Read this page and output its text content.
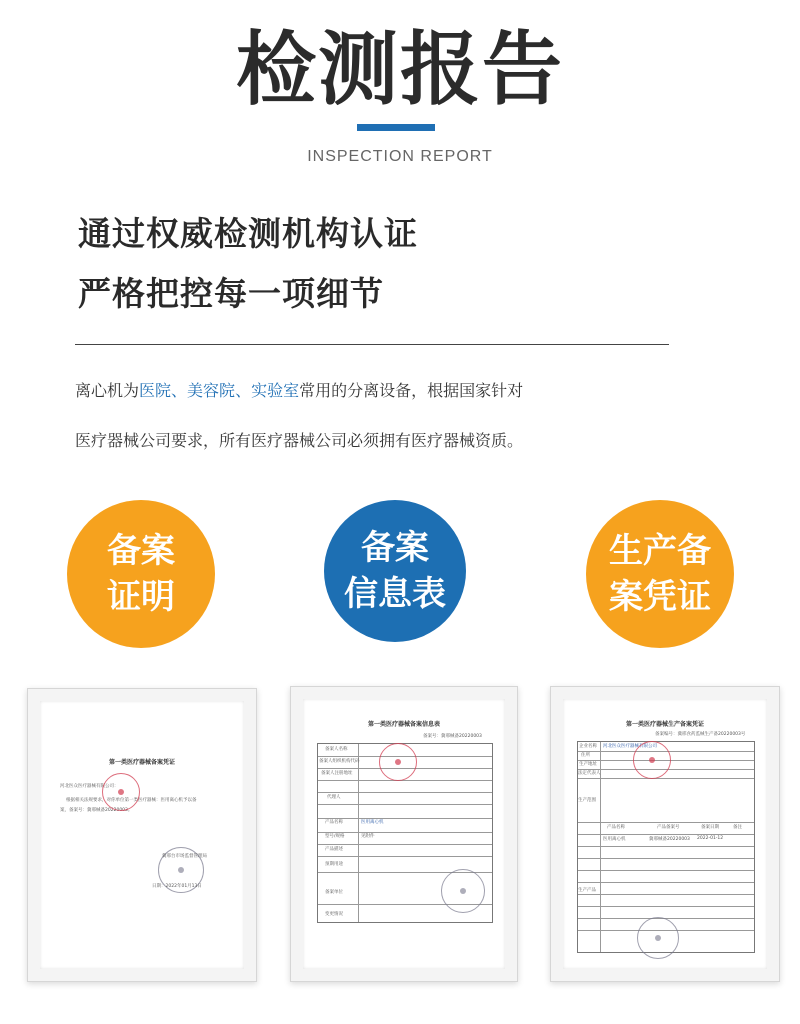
检测报告
INSPECTION REPORT
通过权威检测机构认证
严格把控每一项细节
离心机为医院、美容院、实验室常用的分离设备，根据国家针对
医疗器械公司要求，所有医疗器械公司必须拥有医疗器械资质。
备案
证明
备案
信息表
生产备
案凭证
第一类医疗器械备案凭证
河北医众医疗器械有限公司：
根据相关法规要求，对你单位第一类医疗器械：医用离心机予以备
案，备案号：冀邢械备20220003。
冀邢台市场监督管理局
日期：2022年01月13日
第一类医疗器械备案信息表
备案号：冀邢械备20220003
备案人名称
备案人组织机构代码
备案人注册地址
代理人
产品名称	医用离心机
型号/规格	见附件
产品描述
预期用途
备案单位
变更情况
第一类医疗器械生产备案凭证
备案编号：冀邢食药监械生产备20220003号
企业名称 河北医众医疗器械有限公司
住所
生产地址
法定代表人
生产范围
生产产品
产品名称	产品备案号	备案日期	备注
医用离心机	冀邢械备20220003 2022-01-12
